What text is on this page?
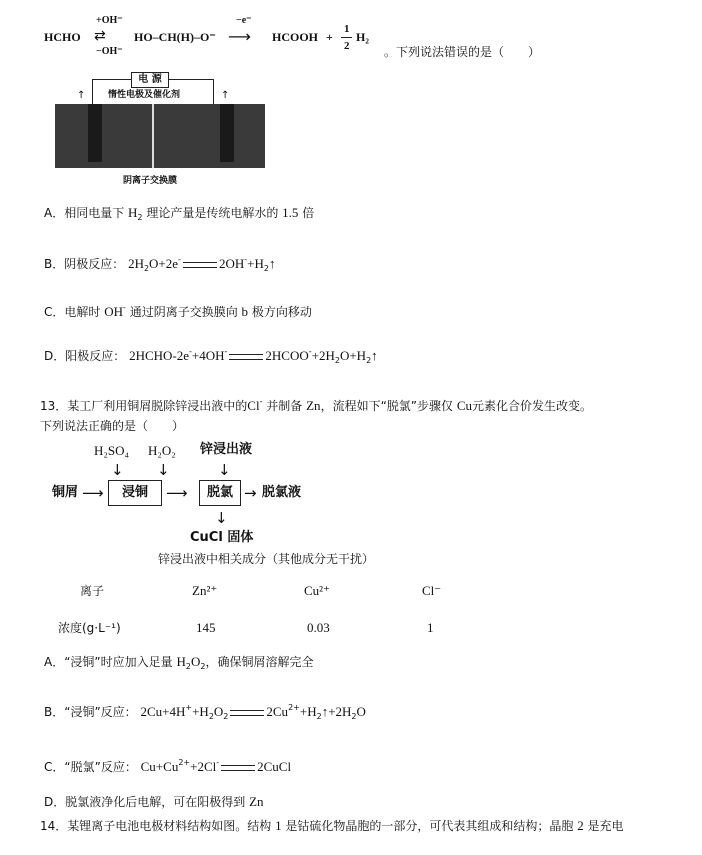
HCHO
+OH⁻
⇄
−OH⁻
HO–CH(H)–O⁻
−e⁻
⟶ HCOOH +
1
2
H₂
。下列说法错误的是（　　）
电 源
惰性电极及催化剂
↑	↑
阴离子交换膜
A．相同电量下 $H_2$ 理论产量是传统电解水的 1.5 倍
B．阴极反应： $2H_2O+2e^-$	$2OH^-+H_2↑$
C．电解时 OH- 通过阴离子交换膜向 b 极方向移动
D．阳极反应： 2HCHO-2e-+4OH-	$2HCOO^-+2H_2O+H_2↑$
13．某工厂利用铜屑脱除锌浸出液中的Cl- 并制备 Zn，流程如下“脱氯”步骤仅 Cu元素化合价发生改变。
下列说法正确的是（　　）
H₂SO₄ H₂O₂ 锌浸出液
↓ ↓	↓
铜屑 ⟶	浸铜	⟶	脱氯 → 脱氯液
↓
CuCl 固体
锌浸出液中相关成分（其他成分无干扰）
离子	Zn²⁺	Cu²⁺	Cl⁻
浓度(g·L⁻¹)	145	0.03	1
A．“浸铜”时应加入足量 $H_2O_2$，确保铜屑溶解完全
B．“浸铜”反应： $2Cu+4H^++H_2O_2$	$2Cu^{2+}+H_2↑+2H_2O$
C．“脱氯”反应： $Cu+Cu^{2+}+2Cl^-$	2CuCl
D．脱氯液净化后电解，可在阳极得到 Zn
14．某锂离子电池电极材料结构如图。结构 1 是钴硫化物晶胞的一部分，可代表其组成和结构；晶胞 2 是充电
